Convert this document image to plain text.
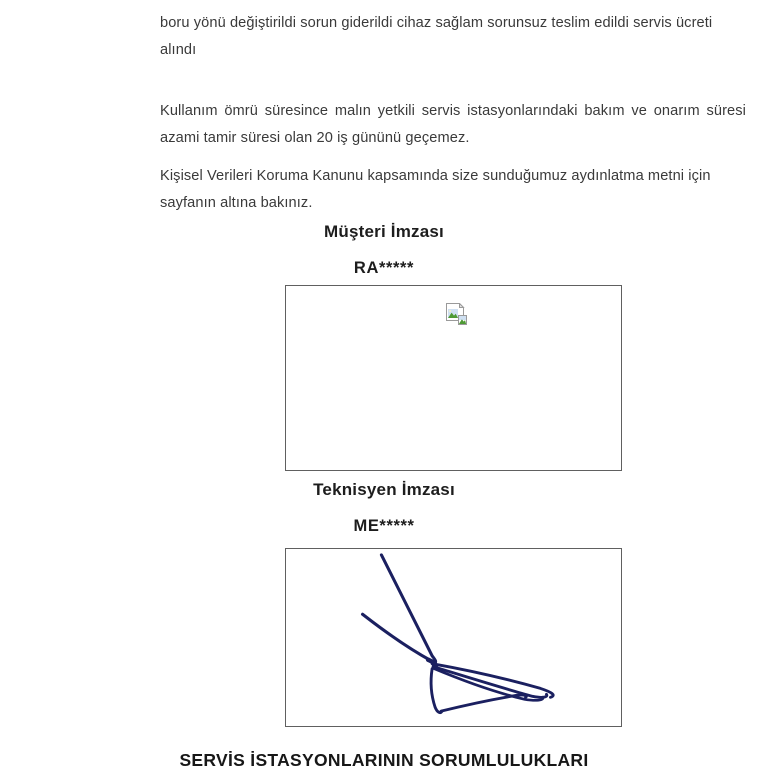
boru yönü değiştirildi sorun giderildi cihaz sağlam sorunsuz teslim edildi servis ücreti alındı

Kullanım ömrü süresince malın yetkili servis istasyonlarındaki bakım ve onarım süresi azami tamir süresi olan 20 iş gününü geçemez.

Kişisel Verileri Koruma Kanunu kapsamında size sunduğumuz aydınlatma metni için sayfanın altına bakınız.

Müşteri İmzası
RA*****
Teknisyen İmzası
ME*****
SERVİS İSTASYONLARININ SORUMLULUKLARI
